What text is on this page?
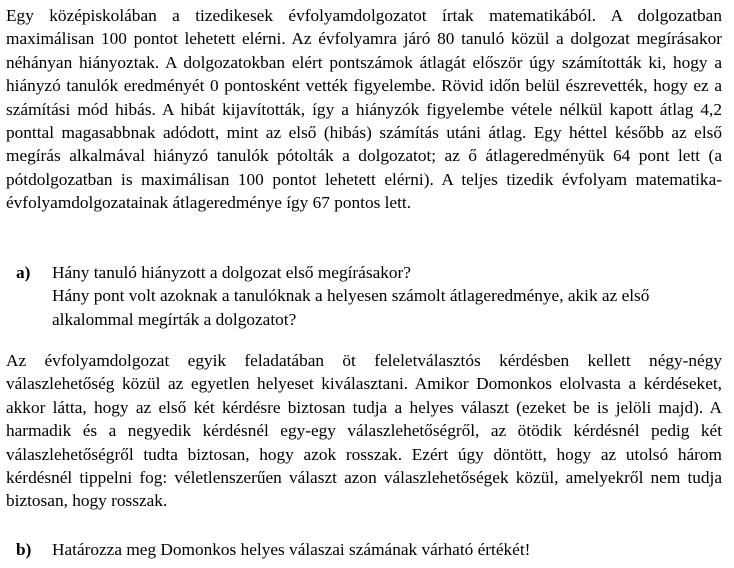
Egy középiskolában a tizedikesek évfolyamdolgozatot írtak matematikából. A dolgozatban maximálisan 100 pontot lehetett elérni. Az évfolyamra járó 80 tanuló közül a dolgozat megírásakor néhányan hiányoztak. A dolgozatokban elért pontszámok átlagát először úgy számították ki, hogy a hiányzó tanulók eredményét 0 pontosként vették figyelembe. Rövid időn belül észrevették, hogy ez a számítási mód hibás. A hibát kijavították, így a hiányzók figyelembe vétele nélkül kapott átlag 4,2 ponttal magasabbnak adódott, mint az első (hibás) számítás utáni átlag. Egy héttel később az első megírás alkalmával hiányzó tanulók pótolták a dolgozatot; az ő átlageredményük 64 pont lett (a pótdolgozatban is maximálisan 100 pontot lehetett elérni). A teljes tizedik évfolyam matematika-évfolyamdolgozatainak átlageredménye így 67 pontos lett.

a)	Hány tanuló hiányzott a dolgozat első megírásakor?
Hány pont volt azoknak a tanulóknak a helyesen számolt átlageredménye, akik az első alkalommal megírták a dolgozatot?

Az évfolyamdolgozat egyik feladatában öt feleletválasztós kérdésben kellett négy-négy válaszlehetőség közül az egyetlen helyeset kiválasztani. Amikor Domonkos elolvasta a kérdéseket, akkor látta, hogy az első két kérdésre biztosan tudja a helyes választ (ezeket be is jelöli majd). A harmadik és a negyedik kérdésnél egy-egy válaszlehetőségről, az ötödik kérdésnél pedig két válaszlehetőségről tudta biztosan, hogy azok rosszak. Ezért úgy döntött, hogy az utolsó három kérdésnél tippelni fog: véletlenszerűen választ azon válaszlehetőségek közül, amelyekről nem tudja biztosan, hogy rosszak.

b)	Határozza meg Domonkos helyes válaszai számának várható értékét!
